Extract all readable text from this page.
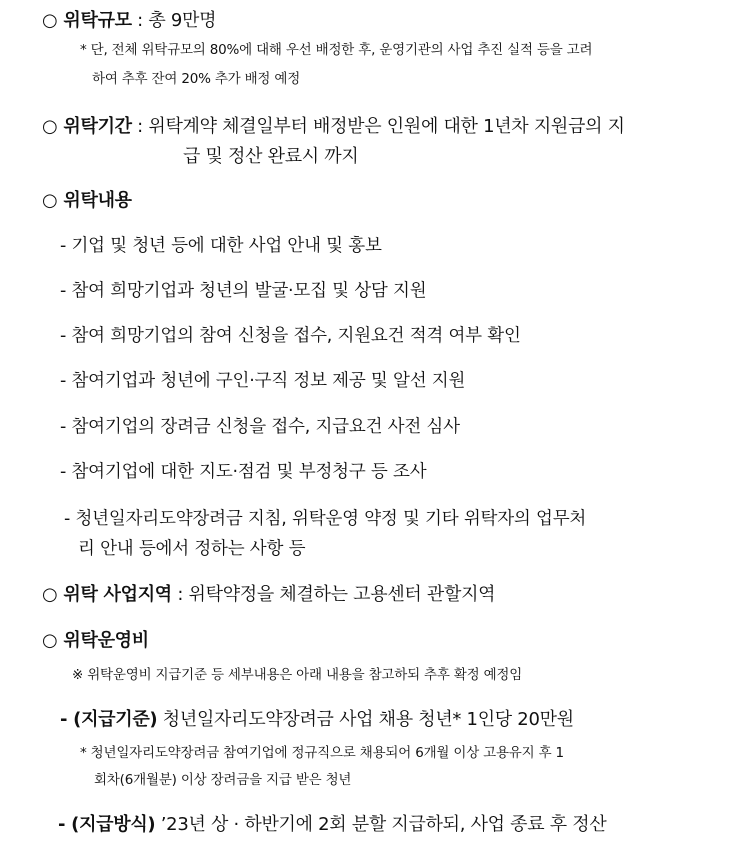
○ 위탁규모 : 총 9만명
* 단, 전체 위탁규모의 80%에 대해 우선 배정한 후, 운영기관의 사업 추진 실적 등을 고려
하여 추후 잔여 20% 추가 배정 예정
○ 위탁기간 : 위탁계약 체결일부터 배정받은 인원에 대한 1년차 지원금의 지
급 및 정산 완료시 까지
○ 위탁내용
- 기업 및 청년 등에 대한 사업 안내 및 홍보
- 참여 희망기업과 청년의 발굴·모집 및 상담 지원
- 참여 희망기업의 참여 신청을 접수, 지원요건 적격 여부 확인
- 참여기업과 청년에 구인·구직 정보 제공 및 알선 지원
- 참여기업의 장려금 신청을 접수, 지급요건 사전 심사
- 참여기업에 대한 지도·점검 및 부정청구 등 조사
- 청년일자리도약장려금 지침, 위탁운영 약정 및 기타 위탁자의 업무처
리 안내 등에서 정하는 사항 등
○ 위탁 사업지역 : 위탁약정을 체결하는 고용센터 관할지역
○ 위탁운영비
※ 위탁운영비 지급기준 등 세부내용은 아래 내용을 참고하되 추후 확정 예정임
- (지급기준) 청년일자리도약장려금 사업 채용 청년* 1인당 20만원
* 청년일자리도약장려금 참여기업에 정규직으로 채용되어 6개월 이상 고용유지 후 1
회차(6개월분) 이상 장려금을 지급 받은 청년
- (지급방식) ’23년 상 · 하반기에 2회 분할 지급하되, 사업 종료 후 정산
